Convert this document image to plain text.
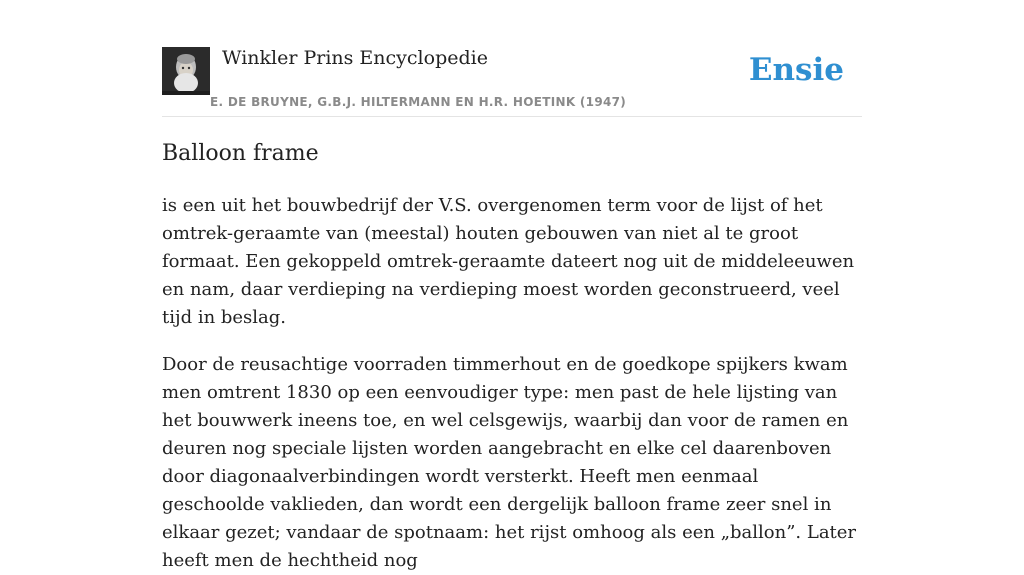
Winkler Prins Encyclopedie
E. DE BRUYNE, G.B.J. HILTERMANN EN H.R. HOETINK (1947)
Ensie
Balloon frame

is een uit het bouwbedrijf der V.S. overgenomen term voor de lijst of het omtrek-geraamte van (meestal) houten gebouwen van niet al te groot formaat. Een gekoppeld omtrek-geraamte dateert nog uit de middeleeuwen en nam, daar verdieping na verdieping moest worden geconstrueerd, veel tijd in beslag.

Door de reusachtige voorraden timmerhout en de goedkope spijkers kwam men omtrent 1830 op een eenvoudiger type: men past de hele lijsting van het bouwwerk ineens toe, en wel celsgewijs, waarbij dan voor de ramen en deuren nog speciale lijsten worden aangebracht en elke cel daarenboven door diagonaalverbindingen wordt versterkt. Heeft men eenmaal geschoolde vaklieden, dan wordt een dergelijk balloon frame zeer snel in elkaar gezet; vandaar de spotnaam: het rijst omhoog als een „ballon”. Later heeft men de hechtheid nog
